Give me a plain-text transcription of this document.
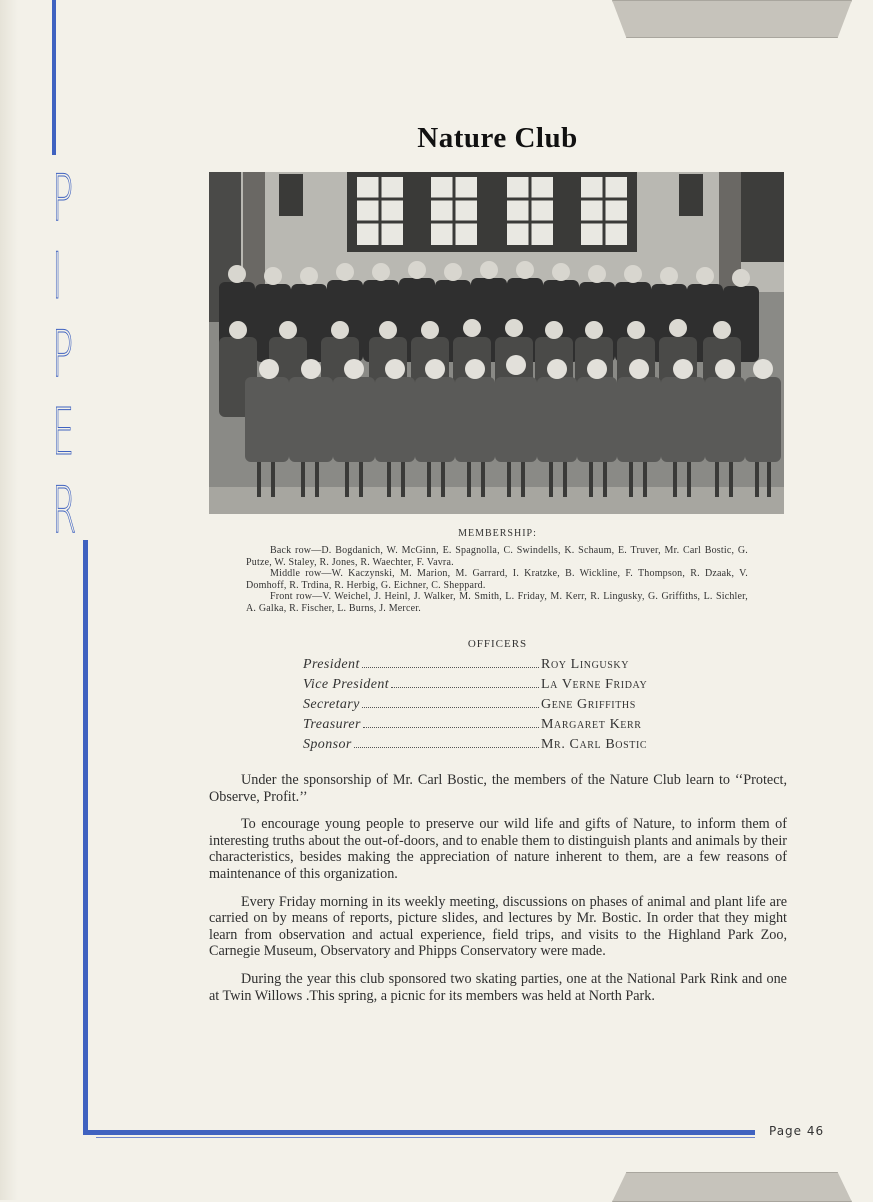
P
I
P
E
R
Nature Club
MEMBERSHIP:

Back row—D. Bogdanich, W. McGinn, E. Spagnolla, C. Swindells, K. Schaum, E. Truver, Mr. Carl Bostic, G. Putze, W. Staley, R. Jones, R. Waechter, F. Vavra.

Middle row—W. Kaczynski, M. Marion, M. Garrard, I. Kratzke, B. Wickline, F. Thompson, R. Dzaak, V. Domhoff, R. Trdina, R. Herbig, G. Eichner, C. Sheppard.

Front row—V. Weichel, J. Heinl, J. Walker, M. Smith, L. Friday, M. Kerr, R. Lingusky, G. Griffiths, L. Sichler, A. Galka, R. Fischer, L. Burns, J. Mercer.

OFFICERS
President	Roy Lingusky
Vice President	La Verne Friday
Secretary	Gene Griffiths
Treasurer	Margaret Kerr
Sponsor	Mr. Carl Bostic

Under the sponsorship of Mr. Carl Bostic, the members of the Nature Club learn to ‘‘Protect, Observe, Profit.’’

To encourage young people to preserve our wild life and gifts of Nature, to inform them of interesting truths about the out-of-doors, and to enable them to distinguish plants and animals by their characteristics, besides making the appreciation of nature inherent to them, are a few reasons of maintenance of this organization.

Every Friday morning in its weekly meeting, discussions on phases of animal and plant life are carried on by means of reports, picture slides, and lectures by Mr. Bostic. In order that they might learn from observation and actual experience, field trips, and visits to the Highland Park Zoo, Carnegie Museum, Observatory and Phipps Conservatory were made.

During the year this club sponsored two skating parties, one at the National Park Rink and one at Twin Willows .This spring, a picnic for its members was held at North Park.

Page 46
